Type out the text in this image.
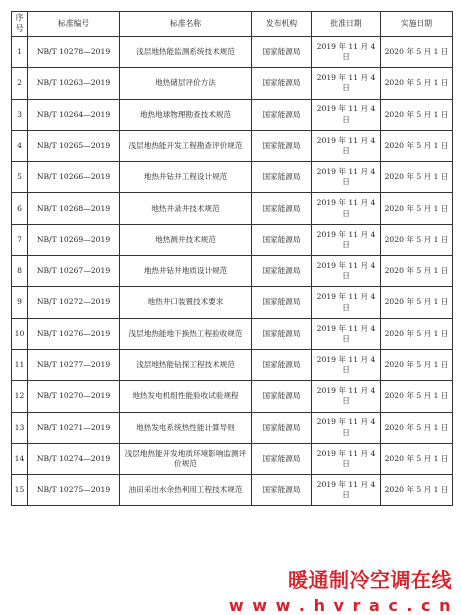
序号	标准编号	标准名称	发布机构	批准日期	实施日期
1	NB/T 10278—2019	浅层地热能监测系统技术规范	国家能源局	2019 年 11 月 4 日	2020 年 5 月 1 日
2	NB/T 10263—2019	地热储层评价方法	国家能源局	2019 年 11 月 4 日	2020 年 5 月 1 日
3	NB/T 10264—2019	地热地球物理勘查技术规范	国家能源局	2019 年 11 月 4 日	2020 年 5 月 1 日
4	NB/T 10265—2019	浅层地热能开发工程勘查评价规范	国家能源局	2019 年 11 月 4 日	2020 年 5 月 1 日
5	NB/T 10266—2019	地热井钻井工程设计规范	国家能源局	2019 年 11 月 4 日	2020 年 5 月 1 日
6	NB/T 10268—2019	地热井录井技术规范	国家能源局	2019 年 11 月 4 日	2020 年 5 月 1 日
7	NB/T 10269—2019	地热测井技术规范	国家能源局	2019 年 11 月 4 日	2020 年 5 月 1 日
8	NB/T 10267—2019	地热井钻井地质设计规范	国家能源局	2019 年 11 月 4 日	2020 年 5 月 1 日
9	NB/T 10272—2019	地热井口装置技术要求	国家能源局	2019 年 11 月 4 日	2020 年 5 月 1 日
10	NB/T 10276—2019	浅层地热能地下换热工程验收规范	国家能源局	2019 年 11 月 4 日	2020 年 5 月 1 日
11	NB/T 10277—2019	浅层地热能钻探工程技术规范	国家能源局	2019 年 11 月 4 日	2020 年 5 月 1 日
12	NB/T 10270—2019	地热发电机组性能验收试验规程	国家能源局	2019 年 11 月 4 日	2020 年 5 月 1 日
13	NB/T 10271—2019	地热发电系统热性能计算导则	国家能源局	2019 年 11 月 4 日	2020 年 5 月 1 日
14	NB/T 10274—2019	浅层地热能开发地质环境影响监测评价规范	国家能源局	2019 年 11 月 4 日	2020 年 5 月 1 日
15	NB/T 10275—2019	油田采出水余热利用工程技术规范	国家能源局	2019 年 11 月 4 日	2020 年 5 月 1 日
暖通制冷空调在线
w w w . h v r a c . c n
